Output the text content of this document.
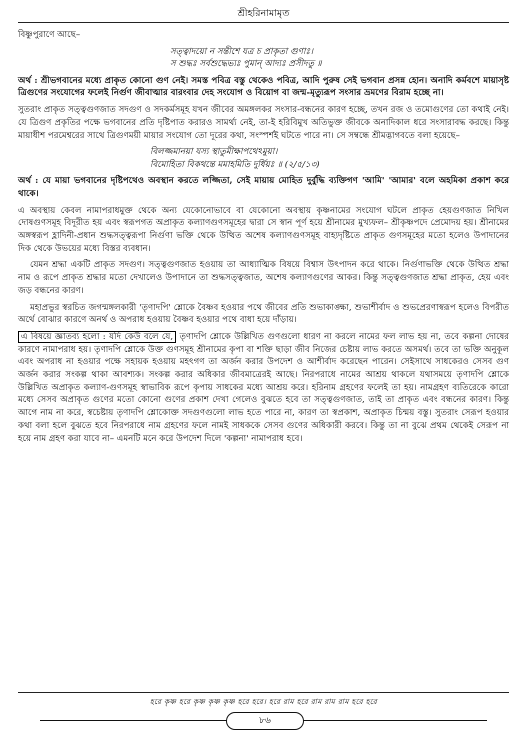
শ্রীহরিনামামৃত

বিষ্ণুপুরাণে আছে–

সত্ত্বাদয়ো ন সন্তীশে যত্র চ প্রাকৃতা গুণাঃ।
স শুদ্ধঃ সর্বশুদ্ধেভ্যঃ পুমান্ আদ্যঃ প্রসীদতু ॥

অর্থ : শ্রীভগবানের মধ্যে প্রাকৃত কোনো গুণ নেই। সমস্ত পবিত্র বস্তু থেকেও পবিত্র, আদি পুরুষ সেই ভগবান প্রসন্ন হোন। অনাদি কর্মবশে মায়াসৃষ্ট ত্রিগুণের সংযোগের ফলেই নির্গুণ জীবাত্মার বারংবার দেহ সংযোগ ও বিয়োগ বা জন্ম-মৃত্যুরূপ সংসার ভ্রমণের বিরাম হচ্ছে না।

সুতরাং প্রাকৃত সত্ত্বগুণজাত সদগুণ ও সদকর্মসমূহ যখন জীবের অমঙ্গলকর সংসার-বন্ধনের কারণ হচ্ছে, তখন রজ ও তমোগুণের তো কথাই নেই। যে ত্রিগুণ প্রকৃতির পক্ষে ভগবানের প্রতি দৃষ্টিপাত করারও সামর্থ্য নেই, তা-ই হরিবিমুখ অতিভুক্ত জীবকে অনাদিকাল ধরে সংসারাবদ্ধ করছে। কিন্তু মায়াধীশ পরমেশ্বরের সাথে ত্রিগুণময়ী মায়ার সংযোগ তো দূরের কথা, সংস্পর্শই ঘটতে পারে না। সে সম্বন্ধে শ্রীমদ্ভাগবতে বলা হয়েছে–

বিলজ্জমানয়া যস্য স্থাতুমীক্ষাপথেঽমুয়া।
বিমোহিতা বিকথন্তে মমাহমিতি দুর্ধিয়ঃ ॥ (২/৫/১৩)

অর্থ : যে মায়া ভগবানের দৃষ্টিপথেও অবস্থান করতে লজ্জিতা, সেই মায়ায় মোহিত দুর্বুদ্ধি ব্যক্তিগণ 'আমি' 'আমার' বলে অহমিকা প্রকাশ করে থাকে।

এ অবস্থায় কেবল নামাপরাধমুক্ত থেকে অন্য যেকোনোভাবে বা যেকোনো অবস্থায় কৃষ্ণনামের সংযোগ ঘটলে প্রাকৃত হেয়গুণজাত নিখিল দোষগুণসমূহ বিদূরীত হয় এবং স্বরূপগত অপ্রাকৃত কল্যাণগুণসমূহের দ্বারা সে স্বান পূর্ণ হয়ে শ্রীনামের মুখ্যফল– শ্রীকৃষ্ণপদে প্রেমোদয় হয়। শ্রীনামের অঙ্গস্বরূপ হ্লাদিনী-প্রধান শুদ্ধসত্ত্বরূপা নির্গুণা ভক্তি থেকে উত্থিত অশেষ কল্যাণগুণসমূহ বাহ্যদৃষ্টিতে প্রাকৃত গুণসমূহের মতো হলেও উপাদানের দিক থেকে উভয়ের মধ্যে বিস্তর ব্যবধান।

যেমন শ্রদ্ধা একটি প্রাকৃত সদগুণ। সত্ত্বগুণজাত হওয়ায় তা আধ্যাত্মিক বিষয়ে বিশ্বাস উৎপাদন করে থাকে। নির্গুণাভক্তি থেকে উত্থিত শ্রদ্ধা নাম ও রূপে প্রাকৃত শ্রদ্ধার মতো দেখালেও উপাদানে তা শুদ্ধসত্ত্বজাত, অশেষ কল্যাণগুণের আকর। কিন্তু সত্ত্বগুণজাত শ্রদ্ধা প্রাকৃত, হেয় এবং জড় বন্ধনের কারণ।

মহাপ্রভুর স্বরচিত জগন্মঙ্গলকারী 'তৃণাদপি' শ্লোকে বৈষ্ণব হওয়ার পথে জীবের প্রতি শুভাকাঙ্ক্ষা, শুভাশীর্বাদ ও শুভপ্রেরণাস্বরূপ হলেও বিপরীত অর্থে বোঝার কারণে অনর্থ ও অপরাধ হওয়ায় বৈষ্ণব হওয়ার পথে বাধা হয়ে দাঁড়ায়।

এ বিষয়ে জ্ঞাতব্য হলো : যদি কেউ বলে যে, তৃণাদপি শ্লোকে উল্লিখিত গুণগুলো ধারণ না করলে নামের ফল লাভ হয় না, তবে কল্পনা দোষের কারণে নামাপরাধ হয়। তৃণাদপি শ্লোকে উক্ত গুণসমূহ শ্রীনামের কৃপা বা শক্তি ছাড়া জীব নিজের চেষ্টায় লাভ করতে অসমর্থ। তবে তা ভক্তি অনুকূল এবং অপরাধ না হওয়ার পক্ষে সহায়ক হওয়ায় মহৎগণ তা অর্জন করার উপদেশ ও আশীর্বাদ করেছেন পারেন। সেইসাথে সাধকেরও সেসব গুণ অর্জন করার সংকল্প থাকা আবশ্যক। সংকল্প করার অধিকার জীবমাত্রেরই আছে। নিরপরাধে নামের আশ্রয় থাকলে যথাসময়ে তৃণাদপি শ্লোকে উল্লিখিত অপ্রাকৃত কল্যাণ-গুণসমূহ স্বাভাবিক রূপে কৃপায় সাধকের মধ্যে আশ্রয় করে। হরিনাম গ্রহণের ফলেই তা হয়। নামগ্রহণ ব্যতিরেকে কারো মধ্যে সেসব অপ্রাকৃত গুণের মতো কোনো গুণের প্রকাশ দেখা গেলেও বুঝতে হবে তা সত্ত্বগুণজাত, তাই তা প্রাকৃত এবং বন্ধনের কারণ। কিন্তু আগে নাম না করে, স্বচেষ্টায় তৃণাদপি শ্লোকোক্ত সদগুণগুলো লাভ হতে পারে না, কারণ তা স্বপ্রকাশ, অপ্রাকৃত চিন্ময় বস্তু। সুতরাং সেরূপ হওয়ার কথা বলা হলে বুঝতে হবে নিরপরাধে নাম গ্রহণের ফলে নামই সাধককে সেসব গুণের অধিকারী করবে। কিন্তু তা না বুঝে প্রথম থেকেই সেরূপ না হয়ে নাম গ্রহণ করা যাবে না– এমনটি মনে করে উপদেশ দিলে 'কল্পনা' নামাপরাধ হবে।

হরে কৃষ্ণ হরে কৃষ্ণ কৃষ্ণ কৃষ্ণ হরে হরে। হরে রাম হরে রাম রাম রাম হরে হরে
৮৬
